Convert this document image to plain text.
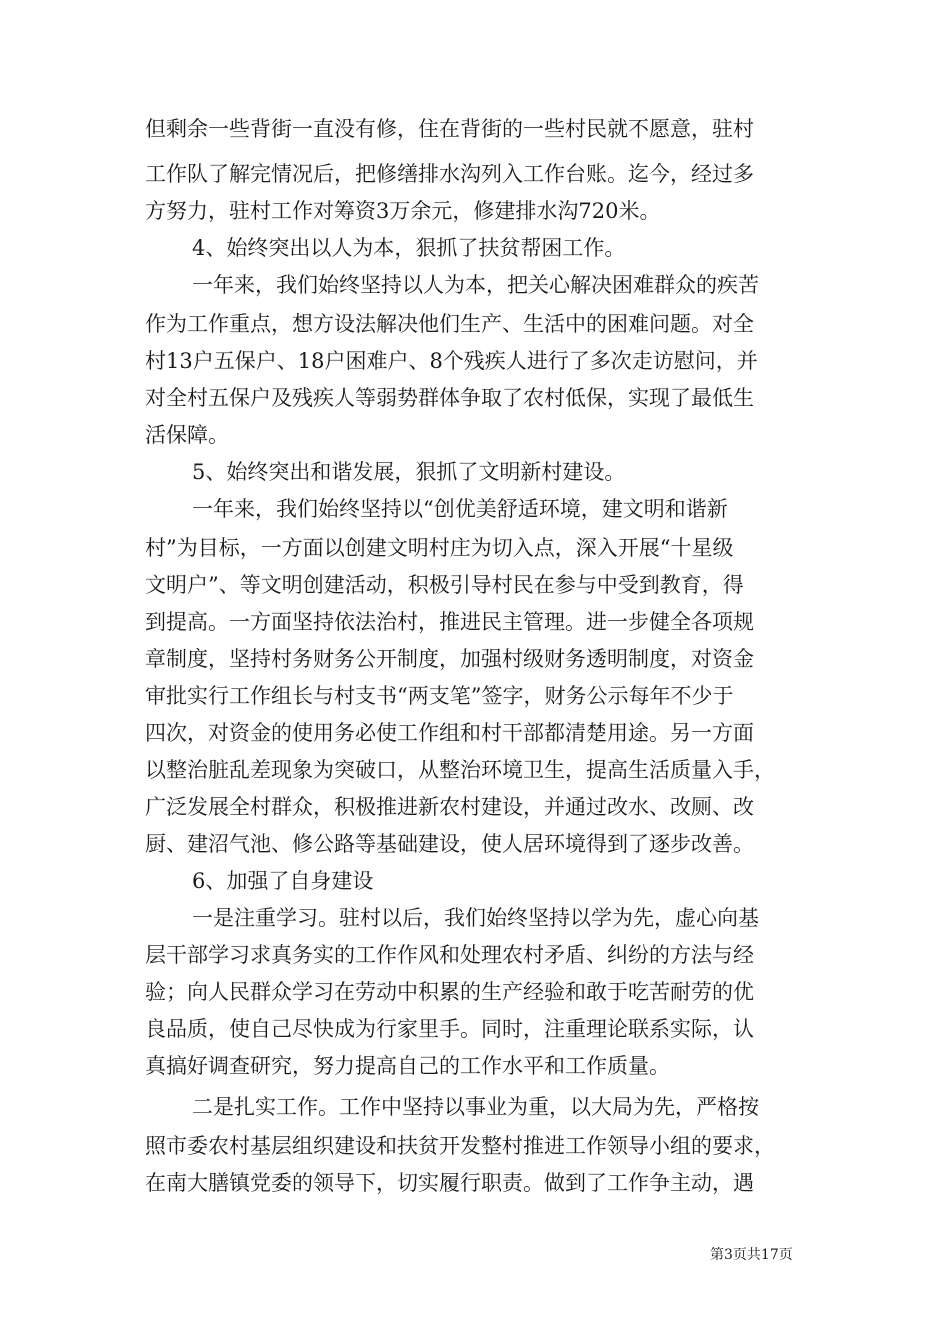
但剩余一些背街一直没有修，住在背街的一些村民就不愿意，驻村
工作队了解完情况后，把修缮排水沟列入工作台账。迄今，经过多
方努力，驻村工作对筹资3万余元，修建排水沟720米。
4、始终突出以人为本，狠抓了扶贫帮困工作。
一年来，我们始终坚持以人为本，把关心解决困难群众的疾苦
作为工作重点，想方设法解决他们生产、生活中的困难问题。对全
村13户五保户、18户困难户、8个残疾人进行了多次走访慰问，并
对全村五保户及残疾人等弱势群体争取了农村低保，实现了最低生
活保障。
5、始终突出和谐发展，狠抓了文明新村建设。
一年来，我们始终坚持以“创优美舒适环境，建文明和谐新
村”为目标，一方面以创建文明村庄为切入点，深入开展“十星级
文明户”、等文明创建活动，积极引导村民在参与中受到教育，得
到提高。一方面坚持依法治村，推进民主管理。进一步健全各项规
章制度，坚持村务财务公开制度，加强村级财务透明制度，对资金
审批实行工作组长与村支书“两支笔”签字，财务公示每年不少于
四次，对资金的使用务必使工作组和村干部都清楚用途。另一方面
以整治脏乱差现象为突破口，从整治环境卫生，提高生活质量入手，
广泛发展全村群众，积极推进新农村建设，并通过改水、改厕、改
厨、建沼气池、修公路等基础建设，使人居环境得到了逐步改善。
6、加强了自身建设
一是注重学习。驻村以后，我们始终坚持以学为先，虚心向基
层干部学习求真务实的工作作风和处理农村矛盾、纠纷的方法与经
验；向人民群众学习在劳动中积累的生产经验和敢于吃苦耐劳的优
良品质，使自己尽快成为行家里手。同时，注重理论联系实际，认
真搞好调查研究，努力提高自己的工作水平和工作质量。
二是扎实工作。工作中坚持以事业为重，以大局为先，严格按
照市委农村基层组织建设和扶贫开发整村推进工作领导小组的要求，
在南大膳镇党委的领导下，切实履行职责。做到了工作争主动，遇
第3页共17页
